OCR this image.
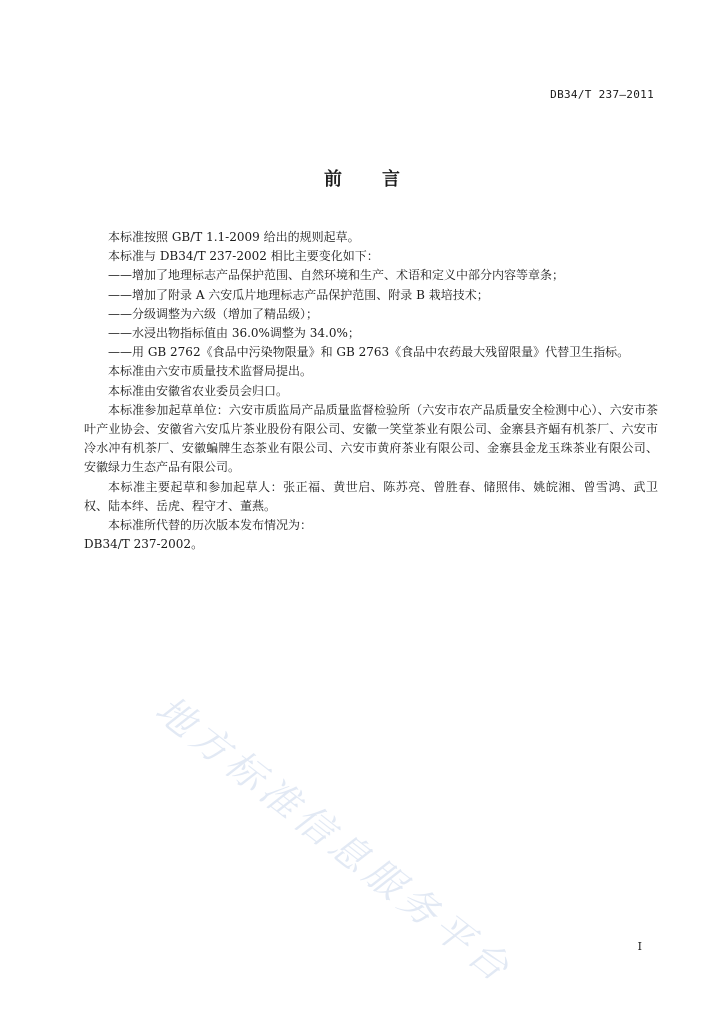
DB34/T 237—2011
前言

本标准按照 GB/T 1.1-2009 给出的规则起草。

本标准与 DB34/T 237-2002 相比主要变化如下：

——增加了地理标志产品保护范围、自然环境和生产、术语和定义中部分内容等章条；

——增加了附录 A 六安瓜片地理标志产品保护范围、附录 B 栽培技术；

——分级调整为六级（增加了精品级）；

——水浸出物指标值由 36.0%调整为 34.0%；

——用 GB 2762《食品中污染物限量》和 GB 2763《食品中农药最大残留限量》代替卫生指标。

本标准由六安市质量技术监督局提出。

本标准由安徽省农业委员会归口。

本标准参加起草单位：六安市质监局产品质量监督检验所（六安市农产品质量安全检测中心）、六安市茶叶产业协会、安徽省六安瓜片茶业股份有限公司、安徽一笑堂茶业有限公司、金寨县齐蝠有机茶厂、六安市冷水冲有机茶厂、安徽蝙牌生态茶业有限公司、六安市黄府茶业有限公司、金寨县金龙玉珠茶业有限公司、安徽绿力生态产品有限公司。

本标准主要起草和参加起草人：张正福、黄世启、陈苏亮、曾胜春、储照伟、姚皖湘、曾雪鸿、武卫权、陆本绊、岳虎、程守才、董燕。

本标准所代替的历次版本发布情况为：

DB34/T 237-2002。

地方标准信息服务平台	I
